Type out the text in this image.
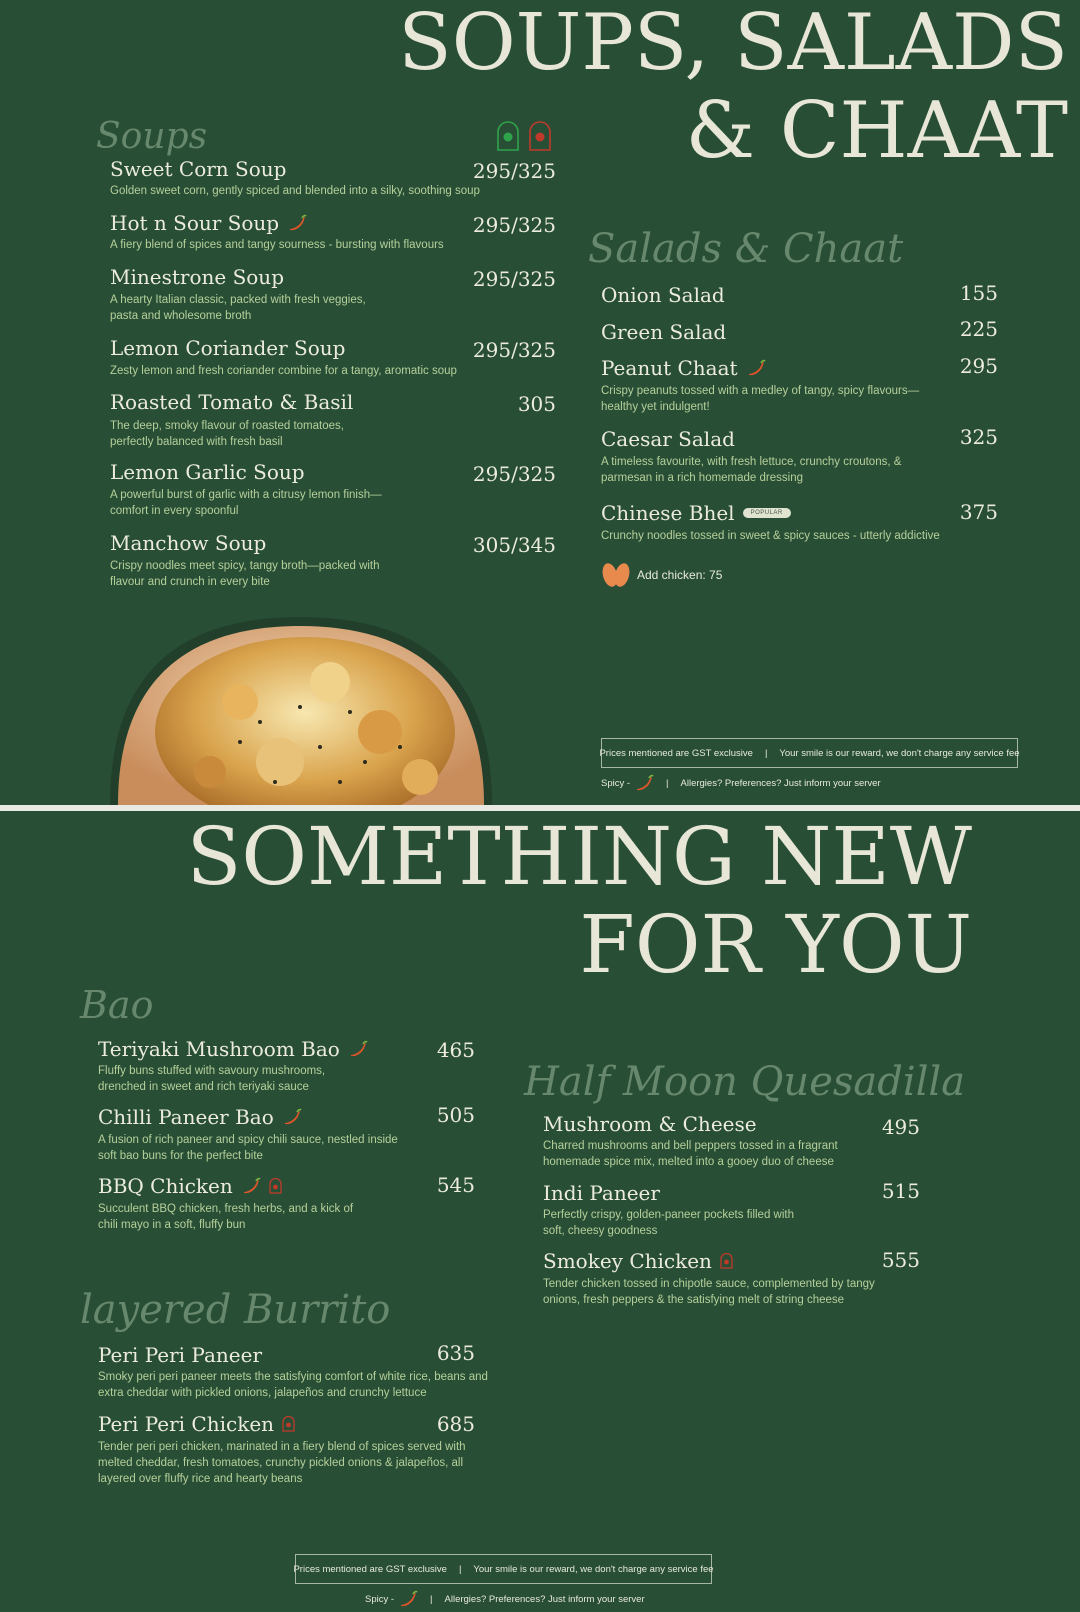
SOUPS, SALADS
& CHAAT
Soups
Sweet Corn Soup	295/325
Golden sweet corn, gently spiced and blended into a silky, soothing soup
Hot n Sour Soup	295/325
A fiery blend of spices and tangy sourness - bursting with flavours
Minestrone Soup	295/325
A hearty Italian classic, packed with fresh veggies, pasta and wholesome broth
Lemon Coriander Soup	295/325
Zesty lemon and fresh coriander combine for a tangy, aromatic soup
Roasted Tomato & Basil	305
The deep, smoky flavour of roasted tomatoes, perfectly balanced with fresh basil
Lemon Garlic Soup	295/325
A powerful burst of garlic with a citrusy lemon finish— comfort in every spoonful
Manchow Soup	305/345
Crispy noodles meet spicy, tangy broth—packed with flavour and crunch in every bite
Salads & Chaat
Onion Salad	155
Green Salad	225
Peanut Chaat	295
Crispy peanuts tossed with a medley of tangy, spicy flavours— healthy yet indulgent!
Caesar Salad	325
A timeless favourite, with fresh lettuce, crunchy croutons, & parmesan in a rich homemade dressing
Chinese Bhel	POPULAR	375
Crunchy noodles tossed in sweet & spicy sauces - utterly addictive
Add chicken: 75
Prices mentioned are GST exclusive | Your smile is our reward, we don't charge any service fee
Spicy -	| Allergies? Preferences? Just inform your server
SOMETHING NEW
FOR YOU
Bao
Teriyaki Mushroom Bao	465
Fluffy buns stuffed with savoury mushrooms, drenched in sweet and rich teriyaki sauce
Chilli Paneer Bao	505
A fusion of rich paneer and spicy chili sauce, nestled inside soft bao buns for the perfect bite
BBQ Chicken	545
Succulent BBQ chicken, fresh herbs, and a kick of chili mayo in a soft, fluffy bun
Half Moon Quesadilla
Mushroom & Cheese	495
Charred mushrooms and bell peppers tossed in a fragrant homemade spice mix, melted into a gooey duo of cheese
Indi Paneer	515
Perfectly crispy, golden-paneer pockets filled with soft, cheesy goodness
Smokey Chicken	555
Tender chicken tossed in chipotle sauce, complemented by tangy onions, fresh peppers & the satisfying melt of string cheese
layered Burrito
Peri Peri Paneer	635
Smoky peri peri paneer meets the satisfying comfort of white rice, beans and extra cheddar with pickled onions, jalapeños and crunchy lettuce
Peri Peri Chicken	685
Tender peri peri chicken, marinated in a fiery blend of spices served with melted cheddar, fresh tomatoes, crunchy pickled onions & jalapeños, all layered over fluffy rice and hearty beans
Prices mentioned are GST exclusive | Your smile is our reward, we don't charge any service fee
Spicy -	| Allergies? Preferences? Just inform your server
